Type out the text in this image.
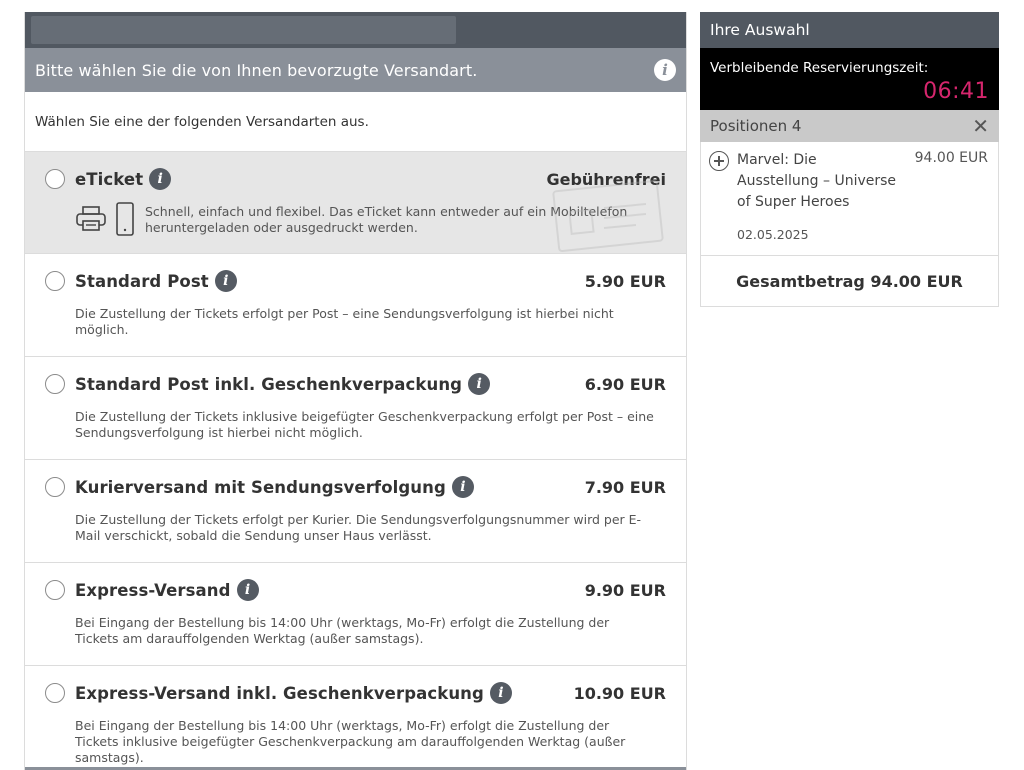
Bitte wählen Sie die von Ihnen bevorzugte Versandart.	i
Wählen Sie eine der folgenden Versandarten aus.
eTicket	i	Gebührenfrei
Schnell, einfach und flexibel. Das eTicket kann entweder auf ein Mobiltelefon heruntergeladen oder ausgedruckt werden.
Standard Post	i	5.90 EUR
Die Zustellung der Tickets erfolgt per Post – eine Sendungsverfolgung ist hierbei nicht möglich.
Standard Post inkl. Geschenkverpackung	i	6.90 EUR
Die Zustellung der Tickets inklusive beigefügter Geschenkverpackung erfolgt per Post – eine Sendungsverfolgung ist hierbei nicht möglich.
Kurierversand mit Sendungsverfolgung	i	7.90 EUR
Die Zustellung der Tickets erfolgt per Kurier. Die Sendungsverfolgungsnummer wird per E-Mail verschickt, sobald die Sendung unser Haus verlässt.
Express-Versand	i	9.90 EUR
Bei Eingang der Bestellung bis 14:00 Uhr (werktags, Mo-Fr) erfolgt die Zustellung der Tickets am darauffolgenden Werktag (außer samstags).
Express-Versand inkl. Geschenkverpackung	i	10.90 EUR
Bei Eingang der Bestellung bis 14:00 Uhr (werktags, Mo-Fr) erfolgt die Zustellung der Tickets inklusive beigefügter Geschenkverpackung am darauffolgenden Werktag (außer samstags).
Ihre Auswahl
Verbleibende Reservierungszeit:
06:41
Positionen 4	✕
Marvel: Die Ausstellung – Universe of Super Heroes
94.00 EUR
02.05.2025
Gesamtbetrag 94.00 EUR
